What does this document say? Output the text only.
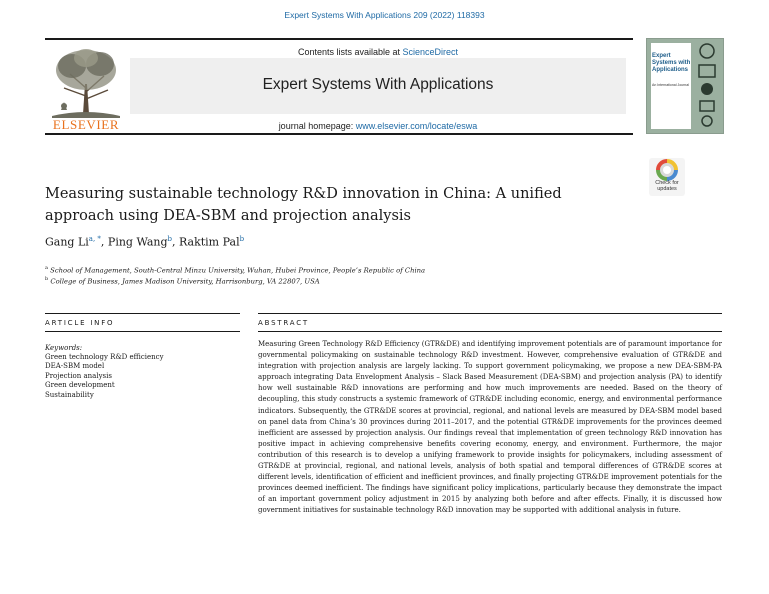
Expert Systems With Applications 209 (2022) 118393
ELSEVIER
Contents lists available at ScienceDirect
Expert Systems With Applications
journal homepage: www.elsevier.com/locate/eswa
Expert Systems with Applications
An International Journal
Check for
updates
Measuring sustainable technology R&D innovation in China: A unified approach using DEA-SBM and projection analysis
Gang $Li^{a, *}$, Ping Wang$^b$, Raktim Pal$^b$
$^a$ School of Management, South-Central Minzu University, Wuhan, Hubei Province, People’s Republic of China
$^b$ College of Business, James Madison University, Harrisonburg, VA 22807, USA
ARTICLE INFO
Keywords:
Green technology R&D efficiency
DEA-SBM model
Projection analysis
Green development
Sustainability
ABSTRACT

Measuring Green Technology R&D Efficiency (GTR&DE) and identifying improvement potentials are of paramount importance for governmental policymaking on sustainable technology R&D investment. However, comprehensive evaluation of GTR&DE and integration with projection analysis are largely lacking. To support government policymaking, we propose a new DEA-SBM-PA approach integrating Data Envelopment Analysis – Slack Based Measurement (DEA-SBM) and projection analysis (PA) to identify how well sustainable R&D innovations are performing and how much improvements are needed. Based on the theory of decoupling, this study constructs a systemic framework of GTR&DE including economic, energy, and environmental performance indicators. Subsequently, the GTR&DE scores at provincial, regional, and national levels are measured by DEA-SBM model based on panel data from China’s 30 provinces during 2011–2017, and the potential GTR&DE improvements for the provinces deemed inefficient are assessed by projection analysis. Our findings reveal that implementation of green technology R&D innovation has positive impact in achieving comprehensive benefits covering economy, energy, and environment. Furthermore, the major contribution of this research is to develop a unifying framework to provide insights for policymakers, including assessment of GTR&DE at provincial, regional, and national levels, analysis of both spatial and temporal differences of GTR&DE scores at different levels, identification of efficient and inefficient provinces, and finally projecting GTR&DE improvement potentials for the provinces deemed inefficient. The findings have significant policy implications, particularly because they demonstrate the impact of an important government policy adjustment in 2015 by analyzing both before and after effects. Finally, it is discussed how government initiatives for sustainable technology R&D innovation may be supported with additional analysis in future.
